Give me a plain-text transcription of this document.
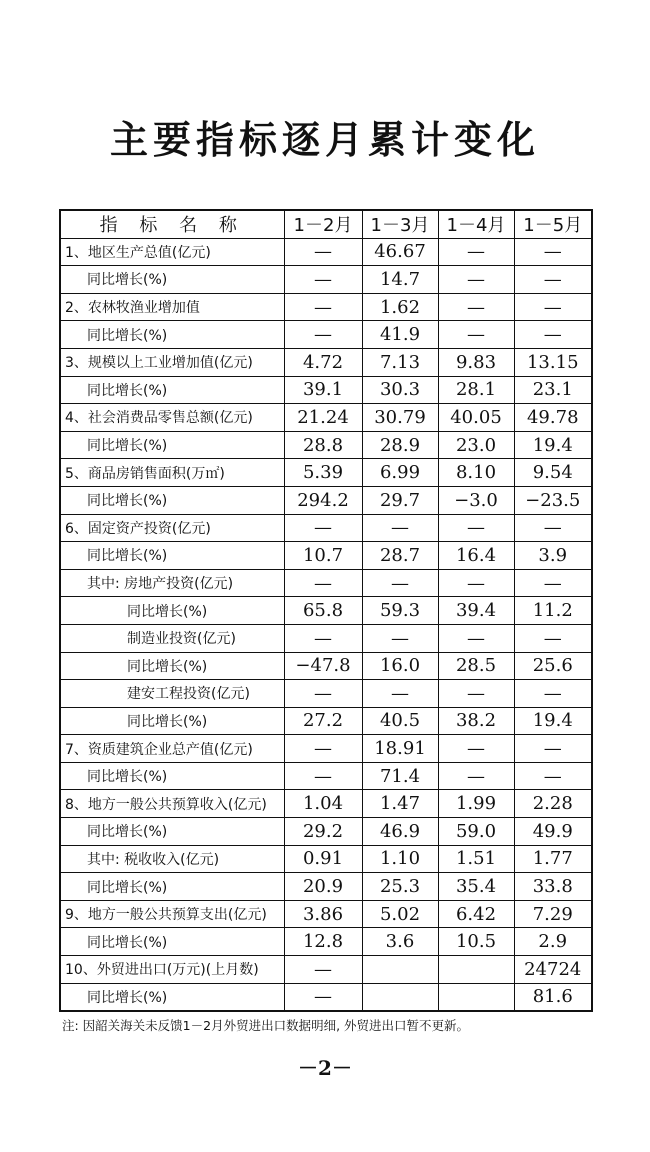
主要指标逐月累计变化
指 标 名 称	1－2月	1－3月	1－4月	1－5月
1、地区生产总值(亿元)	—	46.67	—	—
同比增长(%)	—	14.7	—	—
2、农林牧渔业增加值	—	1.62	—	—
同比增长(%)	—	41.9	—	—
3、规模以上工业增加值(亿元)	4.72	7.13	9.83	13.15
同比增长(%)	39.1	30.3	28.1	23.1
4、社会消费品零售总额(亿元)	21.24	30.79	40.05	49.78
同比增长(%)	28.8	28.9	23.0	19.4
5、商品房销售面积(万㎡)	5.39	6.99	8.10	9.54
同比增长(%)	294.2	29.7	−3.0	−23.5
6、固定资产投资(亿元)	—	—	—	—
同比增长(%)	10.7	28.7	16.4	3.9
其中: 房地产投资(亿元)	—	—	—	—
同比增长(%)	65.8	59.3	39.4	11.2
制造业投资(亿元)	—	—	—	—
同比增长(%)	−47.8	16.0	28.5	25.6
建安工程投资(亿元)	—	—	—	—
同比增长(%)	27.2	40.5	38.2	19.4
7、资质建筑企业总产值(亿元)	—	18.91	—	—
同比增长(%)	—	71.4	—	—
8、地方一般公共预算收入(亿元)	1.04	1.47	1.99	2.28
同比增长(%)	29.2	46.9	59.0	49.9
其中: 税收收入(亿元)	0.91	1.10	1.51	1.77
同比增长(%)	20.9	25.3	35.4	33.8
9、地方一般公共预算支出(亿元)	3.86	5.02	6.42	7.29
同比增长(%)	12.8	3.6	10.5	2.9
10、外贸进出口(万元)(上月数)	—			24724
同比增长(%)	—			81.6
注: 因韶关海关未反馈1－2月外贸进出口数据明细, 外贸进出口暂不更新。
－2－
